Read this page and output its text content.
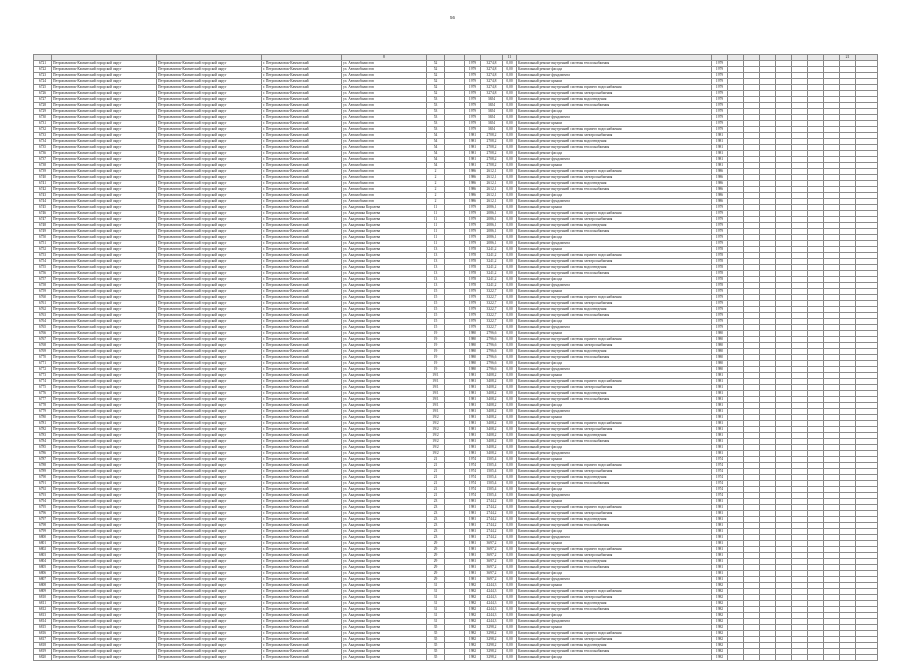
56
				8					11										21	
6721	Петропавловск-Камчатский городской округ	Петропавловск-Камчатский городской округ	г. Петропавловск-Камчатский	ул. Автомобилистов	52		1979	3274,8	0,00	Капитальный ремонт внутренней системы теплоснабжения	1979									
6722	Петропавловск-Камчатский городской округ	Петропавловск-Камчатский городской округ	г. Петропавловск-Камчатский	ул. Автомобилистов	52		1979	3274,8	0,00	Капитальный ремонт фасада	1979									
6723	Петропавловск-Камчатский городской округ	Петропавловск-Камчатский городской округ	г. Петропавловск-Камчатский	ул. Автомобилистов	52		1979	3274,8	0,00	Капитальный ремонт фундамента	1979									
6724	Петропавловск-Камчатский городской округ	Петропавловск-Камчатский городской округ	г. Петропавловск-Камчатский	ул. Автомобилистов	52		1979	3274,8	0,00	Капитальный ремонт крыши	1979									
6725	Петропавловск-Камчатский городской округ	Петропавловск-Камчатский городской округ	г. Петропавловск-Камчатский	ул. Автомобилистов	52		1979	3274,8	0,00	Капитальный ремонт внутренней системы горячего водоснабжения	1979									
6726	Петропавловск-Камчатский городской округ	Петропавловск-Камчатский городской округ	г. Петропавловск-Камчатский	ул. Автомобилистов	52		1979	3274,8	0,00	Капитальный ремонт внутренней системы электроснабжения	1979									
6727	Петропавловск-Камчатский городской округ	Петропавловск-Камчатский городской округ	г. Петропавловск-Камчатский	ул. Автомобилистов	53		1979	3654	0,00	Капитальный ремонт внутренней системы водоотведения	1979									
6728	Петропавловск-Камчатский городской округ	Петропавловск-Камчатский городской округ	г. Петропавловск-Камчатский	ул. Автомобилистов	53		1979	3654	0,00	Капитальный ремонт внутренней системы теплоснабжения	1979									
6729	Петропавловск-Камчатский городской округ	Петропавловск-Камчатский городской округ	г. Петропавловск-Камчатский	ул. Автомобилистов	53		1979	3654	0,00	Капитальный ремонт фасада	1979									
6730	Петропавловск-Камчатский городской округ	Петропавловск-Камчатский городской округ	г. Петропавловск-Камчатский	ул. Автомобилистов	53		1979	3654	0,00	Капитальный ремонт фундамента	1979									
6731	Петропавловск-Камчатский городской округ	Петропавловск-Камчатский городской округ	г. Петропавловск-Камчатский	ул. Автомобилистов	53		1979	3654	0,00	Капитальный ремонт крыши	1979									
6732	Петропавловск-Камчатский городской округ	Петропавловск-Камчатский городской округ	г. Петропавловск-Камчатский	ул. Автомобилистов	53		1979	3654	0,00	Капитальный ремонт внутренней системы горячего водоснабжения	1979									
6733	Петропавловск-Камчатский городской округ	Петропавловск-Камчатский городской округ	г. Петропавловск-Камчатский	ул. Автомобилистов	54		1981	2708,2	0,00	Капитальный ремонт внутренней системы электроснабжения	1981									
6734	Петропавловск-Камчатский городской округ	Петропавловск-Камчатский городской округ	г. Петропавловск-Камчатский	ул. Автомобилистов	54		1981	2708,2	0,00	Капитальный ремонт внутренней системы водоотведения	1981									
6735	Петропавловск-Камчатский городской округ	Петропавловск-Камчатский городской округ	г. Петропавловск-Камчатский	ул. Автомобилистов	54		1981	2708,2	0,00	Капитальный ремонт внутренней системы теплоснабжения	1981									
6736	Петропавловск-Камчатский городской округ	Петропавловск-Камчатский городской округ	г. Петропавловск-Камчатский	ул. Автомобилистов	54		1981	2708,2	0,00	Капитальный ремонт фасада	1981									
6737	Петропавловск-Камчатский городской округ	Петропавловск-Камчатский городской округ	г. Петропавловск-Камчатский	ул. Автомобилистов	54		1981	2708,2	0,00	Капитальный ремонт фундамента	1981									
6738	Петропавловск-Камчатский городской округ	Петропавловск-Камчатский городской округ	г. Петропавловск-Камчатский	ул. Автомобилистов	54		1981	2708,2	0,00	Капитальный ремонт крыши	1981									
6739	Петропавловск-Камчатский городской округ	Петропавловск-Камчатский городской округ	г. Петропавловск-Камчатский	ул. Автомобилистов	2		1986	2612,1	0,00	Капитальный ремонт внутренней системы горячего водоснабжения	1986									
6740	Петропавловск-Камчатский городской округ	Петропавловск-Камчатский городской округ	г. Петропавловск-Камчатский	ул. Автомобилистов	2		1986	2612,1	0,00	Капитальный ремонт внутренней системы электроснабжения	1986									
6741	Петропавловск-Камчатский городской округ	Петропавловск-Камчатский городской округ	г. Петропавловск-Камчатский	ул. Автомобилистов	2		1986	2612,1	0,00	Капитальный ремонт внутренней системы водоотведения	1986									
6742	Петропавловск-Камчатский городской округ	Петропавловск-Камчатский городской округ	г. Петропавловск-Камчатский	ул. Автомобилистов	2		1986	2612,1	0,00	Капитальный ремонт внутренней системы теплоснабжения	1986									
6743	Петропавловск-Камчатский городской округ	Петропавловск-Камчатский городской округ	г. Петропавловск-Камчатский	ул. Автомобилистов	2		1986	2612,1	0,00	Капитальный ремонт фасада	1986									
6744	Петропавловск-Камчатский городской округ	Петропавловск-Камчатский городской округ	г. Петропавловск-Камчатский	ул. Автомобилистов	2		1986	2612,1	0,00	Капитальный ремонт фундамента	1986									
6745	Петропавловск-Камчатский городской округ	Петропавловск-Камчатский городской округ	г. Петропавловск-Камчатский	ул. Академика Королева	11		1979	2086,1	0,00	Капитальный ремонт крыши	1979									
6746	Петропавловск-Камчатский городской округ	Петропавловск-Камчатский городской округ	г. Петропавловск-Камчатский	ул. Академика Королева	11		1979	2086,1	0,00	Капитальный ремонт внутренней системы горячего водоснабжения	1979									
6747	Петропавловск-Камчатский городской округ	Петропавловск-Камчатский городской округ	г. Петропавловск-Камчатский	ул. Академика Королева	11		1979	2086,1	0,00	Капитальный ремонт внутренней системы электроснабжения	1979									
6748	Петропавловск-Камчатский городской округ	Петропавловск-Камчатский городской округ	г. Петропавловск-Камчатский	ул. Академика Королева	11		1979	2086,1	0,00	Капитальный ремонт внутренней системы водоотведения	1979									
6749	Петропавловск-Камчатский городской округ	Петропавловск-Камчатский городской округ	г. Петропавловск-Камчатский	ул. Академика Королева	11		1979	2086,1	0,00	Капитальный ремонт внутренней системы теплоснабжения	1979									
6750	Петропавловск-Камчатский городской округ	Петропавловск-Камчатский городской округ	г. Петропавловск-Камчатский	ул. Академика Королева	11		1979	2086,1	0,00	Капитальный ремонт фасада	1979									
6751	Петропавловск-Камчатский городской округ	Петропавловск-Камчатский городской округ	г. Петропавловск-Камчатский	ул. Академика Королева	11		1979	2086,1	0,00	Капитальный ремонт фундамента	1979									
6752	Петропавловск-Камчатский городской округ	Петропавловск-Камчатский городской округ	г. Петропавловск-Камчатский	ул. Академика Королева	13		1978	3241,2	0,00	Капитальный ремонт крыши	1978									
6753	Петропавловск-Камчатский городской округ	Петропавловск-Камчатский городской округ	г. Петропавловск-Камчатский	ул. Академика Королева	13		1978	3241,2	0,00	Капитальный ремонт внутренней системы горячего водоснабжения	1978									
6754	Петропавловск-Камчатский городской округ	Петропавловск-Камчатский городской округ	г. Петропавловск-Камчатский	ул. Академика Королева	13		1978	3241,2	0,00	Капитальный ремонт внутренней системы электроснабжения	1978									
6755	Петропавловск-Камчатский городской округ	Петропавловск-Камчатский городской округ	г. Петропавловск-Камчатский	ул. Академика Королева	13		1978	3241,2	0,00	Капитальный ремонт внутренней системы водоотведения	1978									
6756	Петропавловск-Камчатский городской округ	Петропавловск-Камчатский городской округ	г. Петропавловск-Камчатский	ул. Академика Королева	13		1978	3241,2	0,00	Капитальный ремонт внутренней системы теплоснабжения	1978									
6757	Петропавловск-Камчатский городской округ	Петропавловск-Камчатский городской округ	г. Петропавловск-Камчатский	ул. Академика Королева	13		1978	3241,2	0,00	Капитальный ремонт фасада	1978									
6758	Петропавловск-Камчатский городской округ	Петропавловск-Камчатский городской округ	г. Петропавловск-Камчатский	ул. Академика Королева	13		1978	3241,2	0,00	Капитальный ремонт фундамента	1978									
6759	Петропавловск-Камчатский городской округ	Петропавловск-Камчатский городской округ	г. Петропавловск-Камчатский	ул. Академика Королева	15		1979	3322,7	0,00	Капитальный ремонт крыши	1979									
6760	Петропавловск-Камчатский городской округ	Петропавловск-Камчатский городской округ	г. Петропавловск-Камчатский	ул. Академика Королева	15		1979	3322,7	0,00	Капитальный ремонт внутренней системы горячего водоснабжения	1979									
6761	Петропавловск-Камчатский городской округ	Петропавловск-Камчатский городской округ	г. Петропавловск-Камчатский	ул. Академика Королева	15		1979	3322,7	0,00	Капитальный ремонт внутренней системы электроснабжения	1979									
6762	Петропавловск-Камчатский городской округ	Петропавловск-Камчатский городской округ	г. Петропавловск-Камчатский	ул. Академика Королева	15		1979	3322,7	0,00	Капитальный ремонт внутренней системы водоотведения	1979									
6763	Петропавловск-Камчатский городской округ	Петропавловск-Камчатский городской округ	г. Петропавловск-Камчатский	ул. Академика Королева	15		1979	3322,7	0,00	Капитальный ремонт внутренней системы теплоснабжения	1979									
6764	Петропавловск-Камчатский городской округ	Петропавловск-Камчатский городской округ	г. Петропавловск-Камчатский	ул. Академика Королева	15		1979	3322,7	0,00	Капитальный ремонт фасада	1979									
6765	Петропавловск-Камчатский городской округ	Петропавловск-Камчатский городской округ	г. Петропавловск-Камчатский	ул. Академика Королева	15		1979	3322,7	0,00	Капитальный ремонт фундамента	1979									
6766	Петропавловск-Камчатский городской округ	Петропавловск-Камчатский городской округ	г. Петропавловск-Камчатский	ул. Академика Королева	19		1980	2796,6	0,00	Капитальный ремонт крыши	1980									
6767	Петропавловск-Камчатский городской округ	Петропавловск-Камчатский городской округ	г. Петропавловск-Камчатский	ул. Академика Королева	19		1980	2796,6	0,00	Капитальный ремонт внутренней системы горячего водоснабжения	1980									
6768	Петропавловск-Камчатский городской округ	Петропавловск-Камчатский городской округ	г. Петропавловск-Камчатский	ул. Академика Королева	19		1980	2796,6	0,00	Капитальный ремонт внутренней системы электроснабжения	1980									
6769	Петропавловск-Камчатский городской округ	Петропавловск-Камчатский городской округ	г. Петропавловск-Камчатский	ул. Академика Королева	19		1980	2796,6	0,00	Капитальный ремонт внутренней системы водоотведения	1980									
6770	Петропавловск-Камчатский городской округ	Петропавловск-Камчатский городской округ	г. Петропавловск-Камчатский	ул. Академика Королева	19		1980	2796,6	0,00	Капитальный ремонт внутренней системы теплоснабжения	1980									
6771	Петропавловск-Камчатский городской округ	Петропавловск-Камчатский городской округ	г. Петропавловск-Камчатский	ул. Академика Королева	19		1980	2796,6	0,00	Капитальный ремонт фасада	1980									
6772	Петропавловск-Камчатский городской округ	Петропавловск-Камчатский городской округ	г. Петропавловск-Камчатский	ул. Академика Королева	19		1980	2796,6	0,00	Капитальный ремонт фундамента	1980									
6773	Петропавловск-Камчатский городской округ	Петропавловск-Камчатский городской округ	г. Петропавловск-Камчатский	ул. Академика Королева	19/1		1981	3408,2	0,00	Капитальный ремонт крыши	1981									
6774	Петропавловск-Камчатский городской округ	Петропавловск-Камчатский городской округ	г. Петропавловск-Камчатский	ул. Академика Королева	19/1		1981	3408,2	0,00	Капитальный ремонт внутренней системы горячего водоснабжения	1981									
6775	Петропавловск-Камчатский городской округ	Петропавловск-Камчатский городской округ	г. Петропавловск-Камчатский	ул. Академика Королева	19/1		1981	3408,2	0,00	Капитальный ремонт внутренней системы электроснабжения	1981									
6776	Петропавловск-Камчатский городской округ	Петропавловск-Камчатский городской округ	г. Петропавловск-Камчатский	ул. Академика Королева	19/1		1981	3408,2	0,00	Капитальный ремонт внутренней системы водоотведения	1981									
6777	Петропавловск-Камчатский городской округ	Петропавловск-Камчатский городской округ	г. Петропавловск-Камчатский	ул. Академика Королева	19/1		1981	3408,2	0,00	Капитальный ремонт внутренней системы теплоснабжения	1981									
6778	Петропавловск-Камчатский городской округ	Петропавловск-Камчатский городской округ	г. Петропавловск-Камчатский	ул. Академика Королева	19/1		1981	3408,2	0,00	Капитальный ремонт фасада	1981									
6779	Петропавловск-Камчатский городской округ	Петропавловск-Камчатский городской округ	г. Петропавловск-Камчатский	ул. Академика Королева	19/1		1981	3408,2	0,00	Капитальный ремонт фундамента	1981									
6780	Петропавловск-Камчатский городской округ	Петропавловск-Камчатский городской округ	г. Петропавловск-Камчатский	ул. Академика Королева	19/2		1981	3408,2	0,00	Капитальный ремонт крыши	1981									
6781	Петропавловск-Камчатский городской округ	Петропавловск-Камчатский городской округ	г. Петропавловск-Камчатский	ул. Академика Королева	19/2		1981	3408,2	0,00	Капитальный ремонт внутренней системы горячего водоснабжения	1981									
6782	Петропавловск-Камчатский городской округ	Петропавловск-Камчатский городской округ	г. Петропавловск-Камчатский	ул. Академика Королева	19/2		1981	3408,2	0,00	Капитальный ремонт внутренней системы электроснабжения	1981									
6783	Петропавловск-Камчатский городской округ	Петропавловск-Камчатский городской округ	г. Петропавловск-Камчатский	ул. Академика Королева	19/2		1981	3408,2	0,00	Капитальный ремонт внутренней системы водоотведения	1981									
6784	Петропавловск-Камчатский городской округ	Петропавловск-Камчатский городской округ	г. Петропавловск-Камчатский	ул. Академика Королева	19/2		1981	3408,2	0,00	Капитальный ремонт внутренней системы теплоснабжения	1981									
6785	Петропавловск-Камчатский городской округ	Петропавловск-Камчатский городской округ	г. Петропавловск-Камчатский	ул. Академика Королева	19/2		1981	3408,2	0,00	Капитальный ремонт фасада	1981									
6786	Петропавловск-Камчатский городской округ	Петропавловск-Камчатский городской округ	г. Петропавловск-Камчатский	ул. Академика Королева	19/2		1981	3408,2	0,00	Капитальный ремонт фундамента	1981									
6787	Петропавловск-Камчатский городской округ	Петропавловск-Камчатский городской округ	г. Петропавловск-Камчатский	ул. Академика Королева	21		1974	1505,4	0,00	Капитальный ремонт крыши	1974									
6788	Петропавловск-Камчатский городской округ	Петропавловск-Камчатский городской округ	г. Петропавловск-Камчатский	ул. Академика Королева	21		1974	1505,4	0,00	Капитальный ремонт внутренней системы горячего водоснабжения	1974									
6789	Петропавловск-Камчатский городской округ	Петропавловск-Камчатский городской округ	г. Петропавловск-Камчатский	ул. Академика Королева	21		1974	1505,4	0,00	Капитальный ремонт внутренней системы электроснабжения	1974									
6790	Петропавловск-Камчатский городской округ	Петропавловск-Камчатский городской округ	г. Петропавловск-Камчатский	ул. Академика Королева	21		1974	1505,4	0,00	Капитальный ремонт внутренней системы водоотведения	1974									
6791	Петропавловск-Камчатский городской округ	Петропавловск-Камчатский городской округ	г. Петропавловск-Камчатский	ул. Академика Королева	21		1974	1505,4	0,00	Капитальный ремонт внутренней системы теплоснабжения	1974									
6792	Петропавловск-Камчатский городской округ	Петропавловск-Камчатский городской округ	г. Петропавловск-Камчатский	ул. Академика Королева	21		1974	1505,4	0,00	Капитальный ремонт фасада	1974									
6793	Петропавловск-Камчатский городской округ	Петропавловск-Камчатский городской округ	г. Петропавловск-Камчатский	ул. Академика Королева	21		1974	1505,4	0,00	Капитальный ремонт фундамента	1974									
6794	Петропавловск-Камчатский городской округ	Петропавловск-Камчатский городской округ	г. Петропавловск-Камчатский	ул. Академика Королева	23		1981	2744,2	0,00	Капитальный ремонт крыши	1981									
6795	Петропавловск-Камчатский городской округ	Петропавловск-Камчатский городской округ	г. Петропавловск-Камчатский	ул. Академика Королева	23		1981	2744,2	0,00	Капитальный ремонт внутренней системы горячего водоснабжения	1981									
6796	Петропавловск-Камчатский городской округ	Петропавловск-Камчатский городской округ	г. Петропавловск-Камчатский	ул. Академика Королева	23		1981	2744,2	0,00	Капитальный ремонт внутренней системы электроснабжения	1981									
6797	Петропавловск-Камчатский городской округ	Петропавловск-Камчатский городской округ	г. Петропавловск-Камчатский	ул. Академика Королева	23		1981	2744,2	0,00	Капитальный ремонт внутренней системы водоотведения	1981									
6798	Петропавловск-Камчатский городской округ	Петропавловск-Камчатский городской округ	г. Петропавловск-Камчатский	ул. Академика Королева	23		1981	2744,2	0,00	Капитальный ремонт внутренней системы теплоснабжения	1981									
6799	Петропавловск-Камчатский городской округ	Петропавловск-Камчатский городской округ	г. Петропавловск-Камчатский	ул. Академика Королева	23		1981	2744,2	0,00	Капитальный ремонт фасада	1981									
6800	Петропавловск-Камчатский городской округ	Петропавловск-Камчатский городской округ	г. Петропавловск-Камчатский	ул. Академика Королева	23		1981	2744,2	0,00	Капитальный ремонт фундамента	1981									
6801	Петропавловск-Камчатский городской округ	Петропавловск-Камчатский городской округ	г. Петропавловск-Камчатский	ул. Академика Королева	29		1981	3697,2	0,00	Капитальный ремонт крыши	1981									
6802	Петропавловск-Камчатский городской округ	Петропавловск-Камчатский городской округ	г. Петропавловск-Камчатский	ул. Академика Королева	29		1981	3697,2	0,00	Капитальный ремонт внутренней системы горячего водоснабжения	1981									
6803	Петропавловск-Камчатский городской округ	Петропавловск-Камчатский городской округ	г. Петропавловск-Камчатский	ул. Академика Королева	29		1981	3697,2	0,00	Капитальный ремонт внутренней системы электроснабжения	1981									
6804	Петропавловск-Камчатский городской округ	Петропавловск-Камчатский городской округ	г. Петропавловск-Камчатский	ул. Академика Королева	29		1981	3697,2	0,00	Капитальный ремонт внутренней системы водоотведения	1981									
6805	Петропавловск-Камчатский городской округ	Петропавловск-Камчатский городской округ	г. Петропавловск-Камчатский	ул. Академика Королева	29		1981	3697,2	0,00	Капитальный ремонт внутренней системы теплоснабжения	1981									
6806	Петропавловск-Камчатский городской округ	Петропавловск-Камчатский городской округ	г. Петропавловск-Камчатский	ул. Академика Королева	29		1981	3697,2	0,00	Капитальный ремонт фасада	1981									
6807	Петропавловск-Камчатский городской округ	Петропавловск-Камчатский городской округ	г. Петропавловск-Камчатский	ул. Академика Королева	29		1981	3697,2	0,00	Капитальный ремонт фундамента	1981									
6808	Петропавловск-Камчатский городской округ	Петропавловск-Камчатский городской округ	г. Петропавловск-Камчатский	ул. Академика Королева	31		1982	4244,3	0,00	Капитальный ремонт крыши	1982									
6809	Петропавловск-Камчатский городской округ	Петропавловск-Камчатский городской округ	г. Петропавловск-Камчатский	ул. Академика Королева	31		1982	4244,3	0,00	Капитальный ремонт внутренней системы горячего водоснабжения	1982									
6810	Петропавловск-Камчатский городской округ	Петропавловск-Камчатский городской округ	г. Петропавловск-Камчатский	ул. Академика Королева	31		1982	4244,3	0,00	Капитальный ремонт внутренней системы электроснабжения	1982									
6811	Петропавловск-Камчатский городской округ	Петропавловск-Камчатский городской округ	г. Петропавловск-Камчатский	ул. Академика Королева	31		1982	4244,3	0,00	Капитальный ремонт внутренней системы водоотведения	1982									
6812	Петропавловск-Камчатский городской округ	Петропавловск-Камчатский городской округ	г. Петропавловск-Камчатский	ул. Академика Королева	31		1982	4244,3	0,00	Капитальный ремонт внутренней системы теплоснабжения	1982									
6813	Петропавловск-Камчатский городской округ	Петропавловск-Камчатский городской округ	г. Петропавловск-Камчатский	ул. Академика Королева	31		1982	4244,3	0,00	Капитальный ремонт фасада	1982									
6814	Петропавловск-Камчатский городской округ	Петропавловск-Камчатский городской округ	г. Петропавловск-Камчатский	ул. Академика Королева	31		1982	4244,3	0,00	Капитальный ремонт фундамента	1982									
6815	Петропавловск-Камчатский городской округ	Петропавловск-Камчатский городской округ	г. Петропавловск-Камчатский	ул. Академика Королева	35		1982	3298,2	0,00	Капитальный ремонт крыши	1982									
6816	Петропавловск-Камчатский городской округ	Петропавловск-Камчатский городской округ	г. Петропавловск-Камчатский	ул. Академика Королева	35		1982	3298,2	0,00	Капитальный ремонт внутренней системы горячего водоснабжения	1982									
6817	Петропавловск-Камчатский городской округ	Петропавловск-Камчатский городской округ	г. Петропавловск-Камчатский	ул. Академика Королева	35		1982	3298,2	0,00	Капитальный ремонт внутренней системы электроснабжения	1982									
6818	Петропавловск-Камчатский городской округ	Петропавловск-Камчатский городской округ	г. Петропавловск-Камчатский	ул. Академика Королева	35		1982	3298,2	0,00	Капитальный ремонт внутренней системы водоотведения	1982									
6819	Петропавловск-Камчатский городской округ	Петропавловск-Камчатский городской округ	г. Петропавловск-Камчатский	ул. Академика Королева	35		1982	3298,2	0,00	Капитальный ремонт внутренней системы теплоснабжения	1982									
6820	Петропавловск-Камчатский городской округ	Петропавловск-Камчатский городской округ	г. Петропавловск-Камчатский	ул. Академика Королева	35		1982	3298,2	0,00	Капитальный ремонт фасада	1982									
